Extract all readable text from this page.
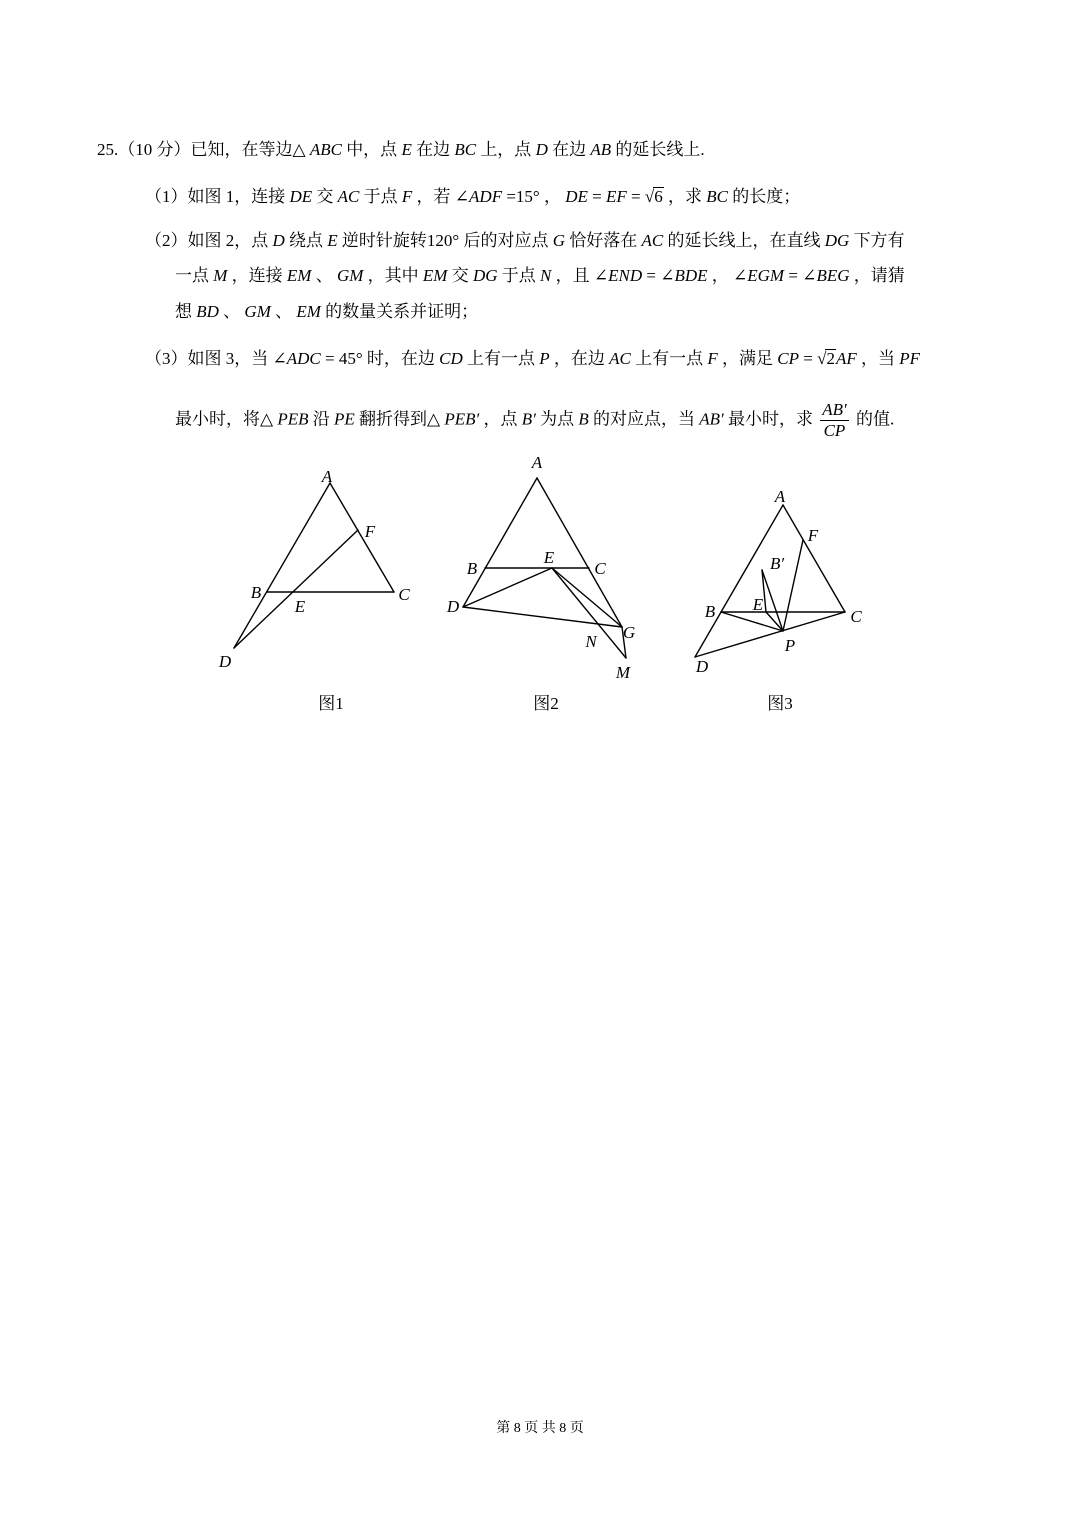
25.（10 分）已知，在等边△ ABC 中，点 E 在边 BC 上，点 D 在边 AB 的延长线上.
（1）如图 1，连接 DE 交 AC 于点 F ，若 ∠ADF =15° ， DE = EF = √6 ，求 BC 的长度；
（2）如图 2，点 D 绕点 E 逆时针旋转120° 后的对应点 G 恰好落在 AC 的延长线上，在直线 DG 下方有
一点 M ，连接 EM 、 GM ，其中 EM 交 DG 于点 N ，且 ∠END = ∠BDE ， ∠EGM = ∠BEG ，请猜
想 BD 、 GM 、 EM 的数量关系并证明；
（3）如图 3，当 ∠ADC = 45° 时，在边 CD 上有一点 P ，在边 AC 上有一点 F ，满足 CP = √2AF ，当 PF
最小时，将△ PEB 沿 PE 翻折得到△ PEB′ ，点 B′ 为点 B 的对应点，当 AB′ 最小时，求 $\frac{AB'}{CP}$ 的值.
A
F
B
E
C
D
图1
A
B
E
C
D
N G
M
图2
A
F
B′
B E
C
P
D
图3
第 8 页 共 8 页
